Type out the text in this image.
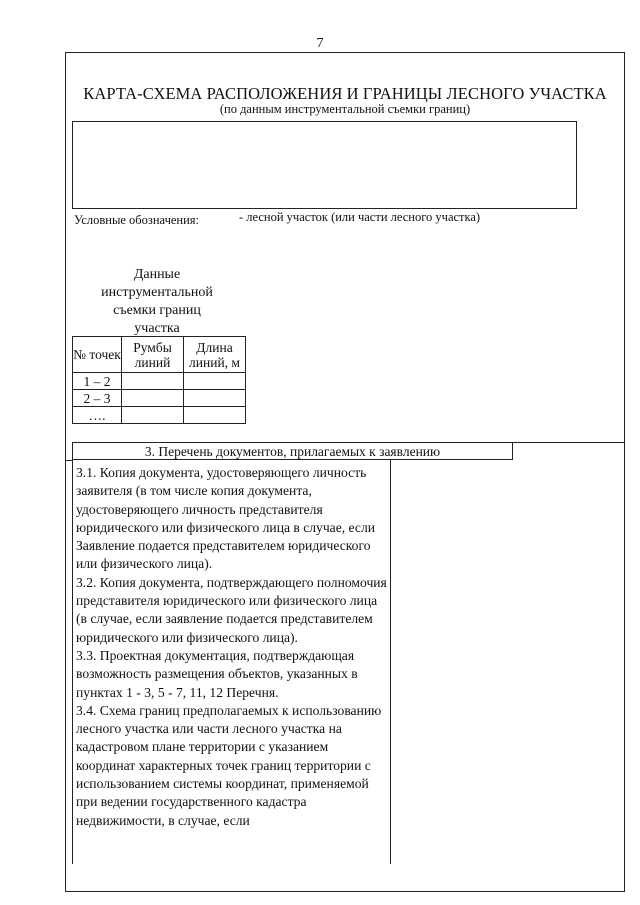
7
КАРТА-СХЕМА РАСПОЛОЖЕНИЯ И ГРАНИЦЫ ЛЕСНОГО УЧАСТКА
(по данным инструментальной съемки границ)
Условные обозначения:	- лесной участок (или части лесного участка)
Данные инструментальной съемки границ участка
№ точек	Румбы линий	Длина линий, м
1 – 2		
2 – 3		
….		
3. Перечень документов, прилагаемых к заявлению

3.1. Копия документа, удостоверяющего личность заявителя (в том числе копия документа, удостоверяющего личность представителя юридического или физического лица в случае, если Заявление подается представителем юридического или физического лица).

3.2. Копия документа, подтверждающего полномочия представителя юридического или физического лица (в случае, если заявление подается представителем юридического или физического лица).

3.3. Проектная документация, подтверждающая возможность размещения объектов, указанных в пунктах 1 - 3, 5 - 7, 11, 12 Перечня.

3.4. Схема границ предполагаемых к использованию лесного участка или части лесного участка на кадастровом плане территории с указанием координат характерных точек границ территории с использованием системы координат, применяемой при ведении государственного кадастра недвижимости, в случае, если
